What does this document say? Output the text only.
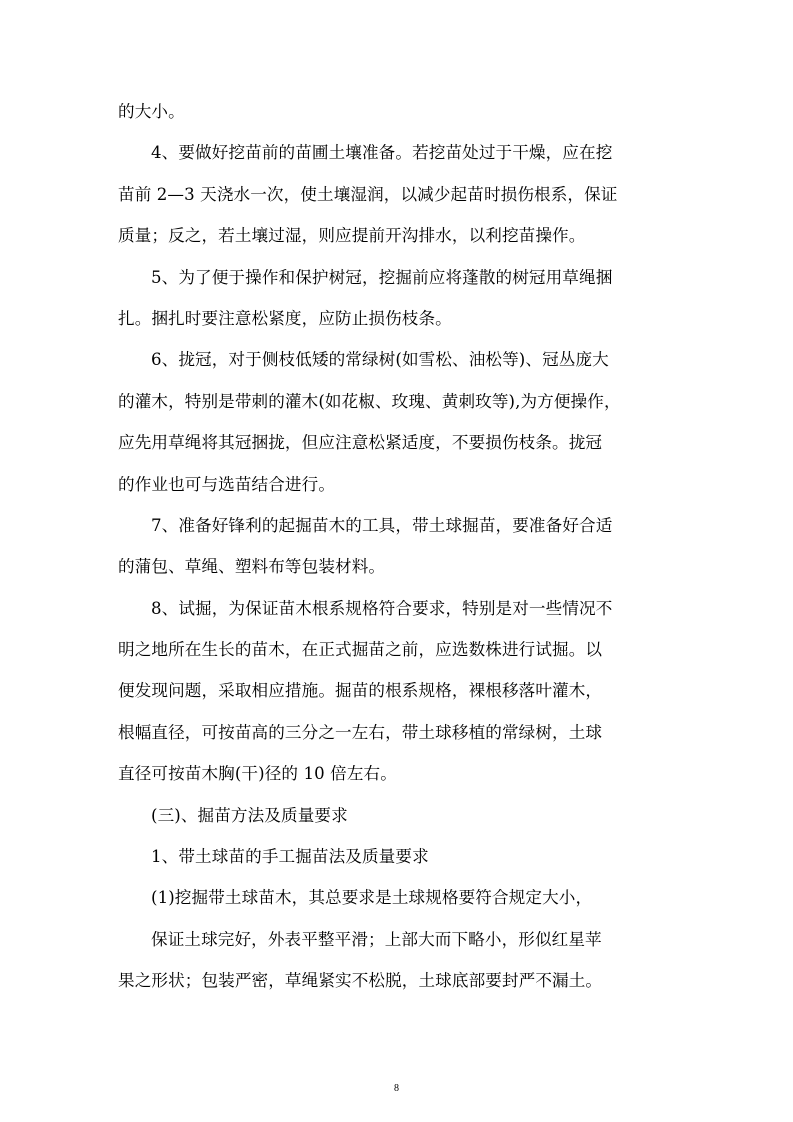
的大小。
4、要做好挖苗前的苗圃土壤准备。若挖苗处过于干燥，应在挖
苗前 2—3 天浇水一次，使土壤湿润，以减少起苗时损伤根系，保证
质量；反之，若土壤过湿，则应提前开沟排水，以利挖苗操作。
5、为了便于操作和保护树冠，挖掘前应将蓬散的树冠用草绳捆
扎。捆扎时要注意松紧度，应防止损伤枝条。
6、拢冠，对于侧枝低矮的常绿树(如雪松、油松等)、冠丛庞大
的灌木，特别是带刺的灌木(如花椒、玫瑰、黄刺玫等),为方便操作，
应先用草绳将其冠捆拢，但应注意松紧适度，不要损伤枝条。拢冠
的作业也可与选苗结合进行。
7、准备好锋利的起掘苗木的工具，带土球掘苗，要准备好合适
的蒲包、草绳、塑料布等包装材料。
8、试掘，为保证苗木根系规格符合要求，特别是对一些情况不
明之地所在生长的苗木，在正式掘苗之前，应选数株进行试掘。以
便发现问题，采取相应措施。掘苗的根系规格，裸根移落叶灌木，
根幅直径，可按苗高的三分之一左右，带土球移植的常绿树，土球
直径可按苗木胸(干)径的 10 倍左右。
(三)、掘苗方法及质量要求
1、带土球苗的手工掘苗法及质量要求
(1)挖掘带土球苗木，其总要求是土球规格要符合规定大小，
保证土球完好，外表平整平滑；上部大而下略小，形似红星苹
果之形状；包装严密，草绳紧实不松脱，土球底部要封严不漏土。
8
